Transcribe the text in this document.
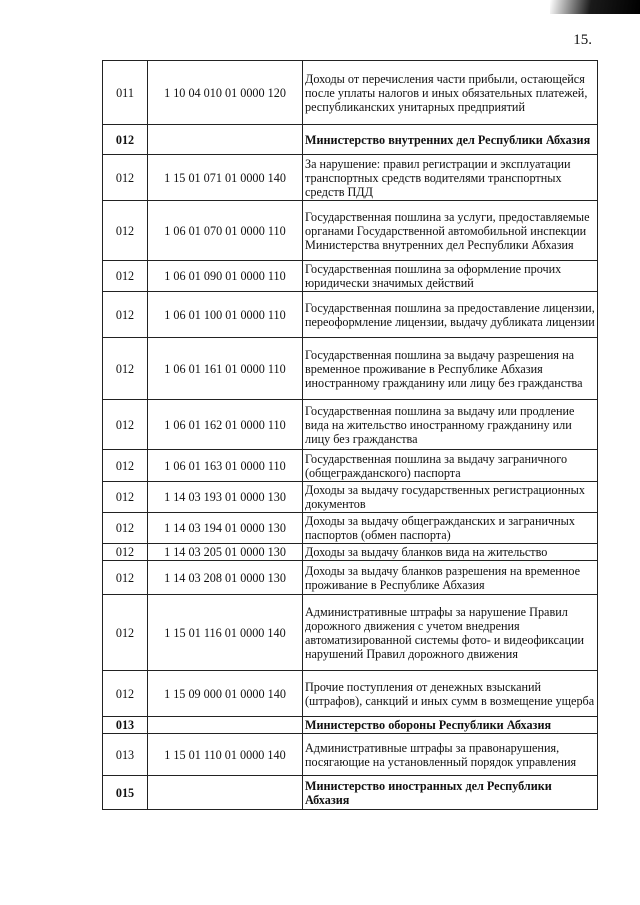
15.
011	1 10 04 010 01 0000 120	Доходы от перечисления части прибыли, остающейся после уплаты налогов и иных обязательных платежей, республиканских унитарных предприятий
012		Министерство внутренних дел Республики Абхазия
012	1 15 01 071 01 0000 140	За нарушение: правил регистрации и эксплуатации транспортных средств водителями транспортных средств ПДД
012	1 06 01 070 01 0000 110	Государственная пошлина за услуги, предоставляемые органами Государственной автомобильной инспекции Министерства внутренних дел Республики Абхазия
012	1 06 01 090 01 0000 110	Государственная пошлина за оформление прочих юридически значимых действий
012	1 06 01 100 01 0000 110	Государственная пошлина за предоставление лицензии, переоформление лицензии, выдачу дубликата лицензии
012	1 06 01 161 01 0000 110	Государственная пошлина за выдачу разрешения на временное проживание в Республике Абхазия иностранному гражданину или лицу без гражданства
012	1 06 01 162 01 0000 110	Государственная пошлина за выдачу или продление вида на жительство иностранному гражданину или лицу без гражданства
012	1 06 01 163 01 0000 110	Государственная пошлина за выдачу заграничного (общегражданского) паспорта
012	1 14 03 193 01 0000 130	Доходы за выдачу государственных регистрационных документов
012	1 14 03 194 01 0000 130	Доходы за выдачу общегражданских и заграничных паспортов (обмен паспорта)
012	1 14 03 205 01 0000 130	Доходы за выдачу бланков вида на жительство
012	1 14 03 208 01 0000 130	Доходы за выдачу бланков разрешения на временное проживание в Республике Абхазия
012	1 15 01 116 01 0000 140	Административные штрафы за нарушение Правил дорожного движения с учетом внедрения автоматизированной системы фото- и видеофиксации нарушений Правил дорожного движения
012	1 15 09 000 01 0000 140	Прочие поступления от денежных взысканий (штрафов), санкций и иных сумм в возмещение ущерба
013		Министерство обороны Республики Абхазия
013	1 15 01 110 01 0000 140	Административные штрафы за правонарушения, посягающие на установленный порядок управления
015		Министерство иностранных дел Республики Абхазия
